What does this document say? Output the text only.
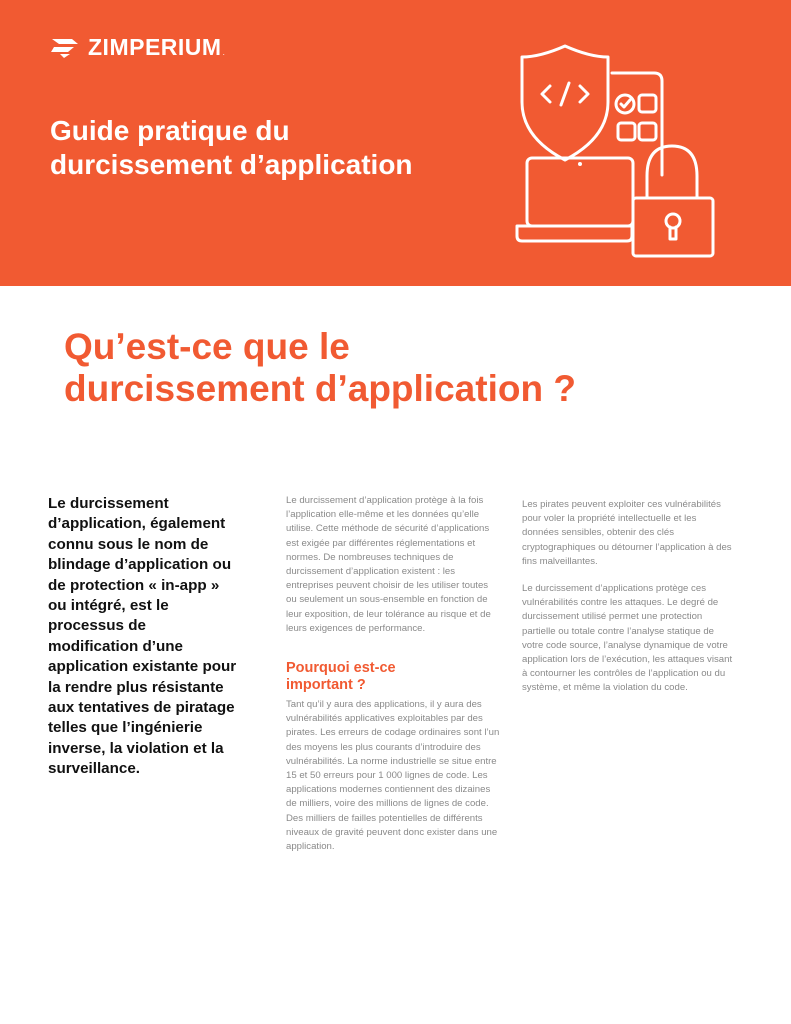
ZIMPERIUM .
Guide pratique du
durcissement d’application
Qu’est-ce que le
durcissement d’application ?
Le durcissement d’application, également connu sous le nom de blindage d’application ou de protection « in-app » ou intégré, est le processus de modification d’une application existante pour la rendre plus résistante aux tentatives de piratage telles que l’ingénierie inverse, la violation et la surveillance.

Le durcissement d’application protège à la fois l’application elle-même et les données qu’elle utilise. Cette méthode de sécurité d’applications est exigée par différentes réglementations et normes. De nombreuses techniques de durcissement d’application existent : les entreprises peuvent choisir de les utiliser toutes ou seulement un sous-ensemble en fonction de leur exposition, de leur tolérance au risque et de leurs exigences de performance.

Pourquoi est-ce important ?

Tant qu’il y aura des applications, il y aura des vulnérabilités applicatives exploitables par des pirates. Les erreurs de codage ordinaires sont l’un des moyens les plus courants d’introduire des vulnérabilités. La norme industrielle se situe entre 15 et 50 erreurs pour 1 000 lignes de code. Les applications modernes contiennent des dizaines de milliers, voire des millions de lignes de code. Des milliers de failles potentielles de différents niveaux de gravité peuvent donc exister dans une application.

Les pirates peuvent exploiter ces vulnérabilités pour voler la propriété intellectuelle et les données sensibles, obtenir des clés cryptographiques ou détourner l’application à des fins malveillantes.

Le durcissement d’applications protège ces vulnérabilités contre les attaques. Le degré de durcissement utilisé permet une protection partielle ou totale contre l’analyse statique de votre code source, l’analyse dynamique de votre application lors de l’exécution, les attaques visant à contourner les contrôles de l’application ou du système, et même la violation du code.
